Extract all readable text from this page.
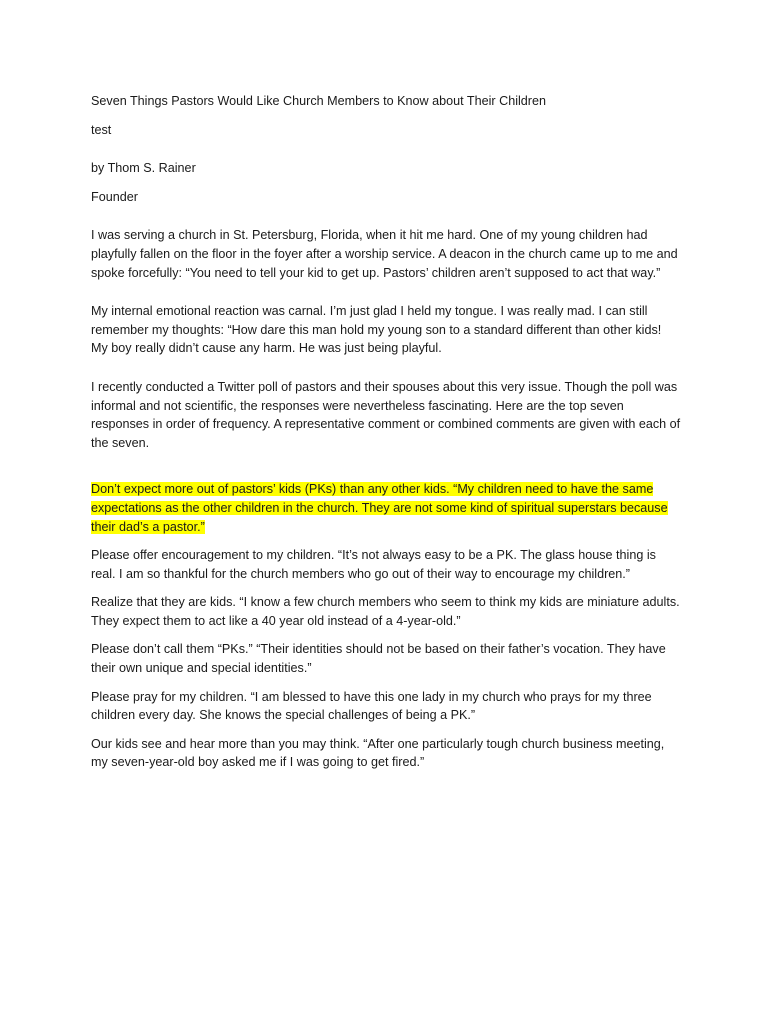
Seven Things Pastors Would Like Church Members to Know about Their Children

test

by Thom S. Rainer

Founder

I was serving a church in St. Petersburg, Florida, when it hit me hard. One of my young children had playfully fallen on the floor in the foyer after a worship service. A deacon in the church came up to me and spoke forcefully: “You need to tell your kid to get up. Pastors’ children aren’t supposed to act that way.”

My internal emotional reaction was carnal. I’m just glad I held my tongue. I was really mad. I can still remember my thoughts: “How dare this man hold my young son to a standard different than other kids! My boy really didn’t cause any harm. He was just being playful.

I recently conducted a Twitter poll of pastors and their spouses about this very issue. Though the poll was informal and not scientific, the responses were nevertheless fascinating. Here are the top seven responses in order of frequency. A representative comment or combined comments are given with each of the seven.

Don’t expect more out of pastors’ kids (PKs) than any other kids. “My children need to have the same expectations as the other children in the church. They are not some kind of spiritual superstars because their dad’s a pastor.”

Please offer encouragement to my children. “It’s not always easy to be a PK. The glass house thing is real. I am so thankful for the church members who go out of their way to encourage my children.”

Realize that they are kids. “I know a few church members who seem to think my kids are miniature adults. They expect them to act like a 40 year old instead of a 4-year-old.”

Please don’t call them “PKs.” “Their identities should not be based on their father’s vocation. They have their own unique and special identities.”

Please pray for my children. “I am blessed to have this one lady in my church who prays for my three children every day. She knows the special challenges of being a PK.”

Our kids see and hear more than you may think. “After one particularly tough church business meeting, my seven-year-old boy asked me if I was going to get fired.”
